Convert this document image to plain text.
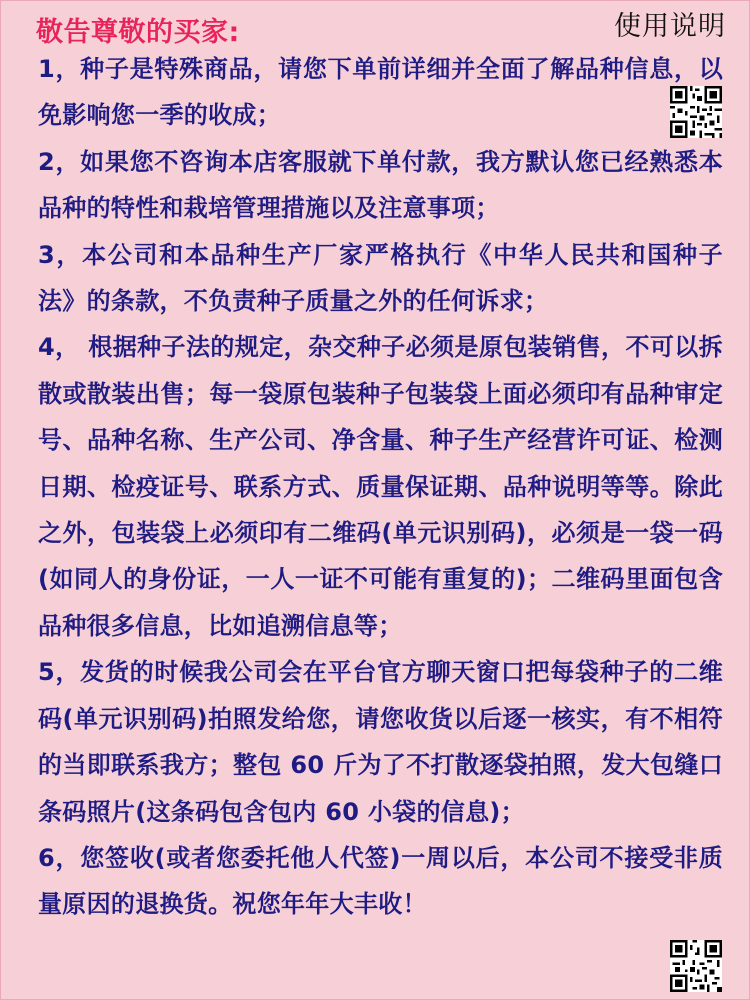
敬告尊敬的买家:	使用说明

1，种子是特殊商品，请您下单前详细并全面了解品种信息，以免影响您一季的收成；

2，如果您不咨询本店客服就下单付款，我方默认您已经熟悉本品种的特性和栽培管理措施以及注意事项；

3，本公司和本品种生产厂家严格执行《中华人民共和国种子法》的条款，不负责种子质量之外的任何诉求；

4， 根据种子法的规定，杂交种子必须是原包装销售，不可以拆散或散装出售；每一袋原包装种子包装袋上面必须印有品种审定号、品种名称、生产公司、净含量、种子生产经营许可证、检测日期、检疫证号、联系方式、质量保证期、品种说明等等。除此之外，包装袋上必须印有二维码(单元识别码)，必须是一袋一码(如同人的身份证，一人一证不可能有重复的)；二维码里面包含品种很多信息，比如追溯信息等；

5，发货的时候我公司会在平台官方聊天窗口把每袋种子的二维码(单元识别码)拍照发给您，请您收货以后逐一核实，有不相符的当即联系我方；整包 60 斤为了不打散逐袋拍照，发大包缝口条码照片(这条码包含包内 60 小袋的信息)；

6，您签收(或者您委托他人代签)一周以后，本公司不接受非质量原因的退换货。祝您年年大丰收！
